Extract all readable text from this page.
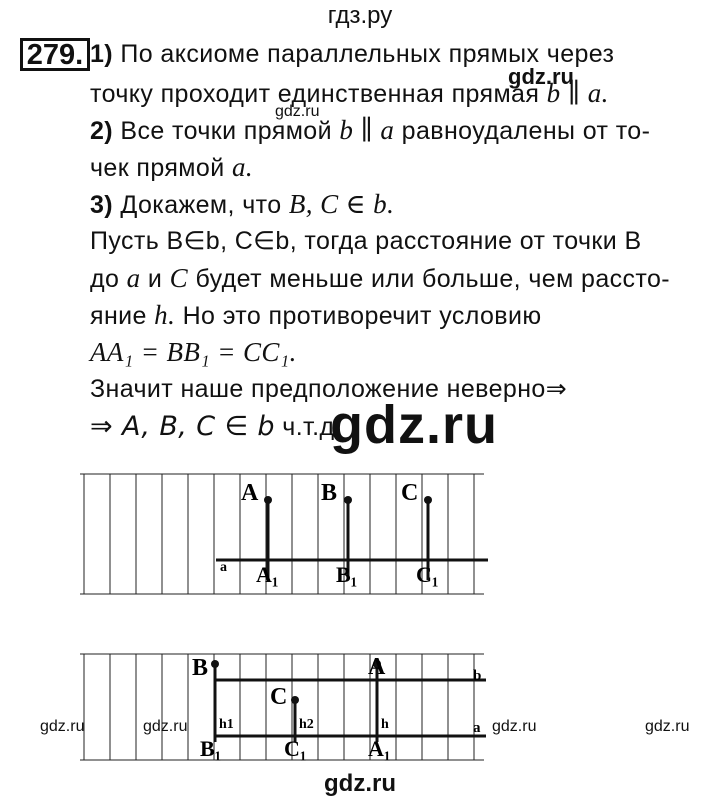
гдз.ру
279. 1) По аксиоме параллельных прямых через
точку проходит единственная прямая b ∥ a.
2) Все точки прямой b ∥ a равноудалены от то-
чек прямой a.
3) Докажем, что B, C ∈ b.
Пусть B∈b, C∈b, тогда расстояние от точки B
до a и C будет меньше или больше, чем рассто-
яние h. Но это противоречит условию
AA₁ = BB₁ = CC₁.
Значит наше предположение неверно⇒
⇒ A, B, C ∈ b ч.т.д.
gdz.ru
gdz.ru
gdz.ru
a
A	B	C
A₁	B₁	C₁
B	A
C
b
a
h1	h2	h
B₁	C₁	A₁
gdz.ru	gdz.ru	gdz.ru	gdz.ru
gdz.ru
